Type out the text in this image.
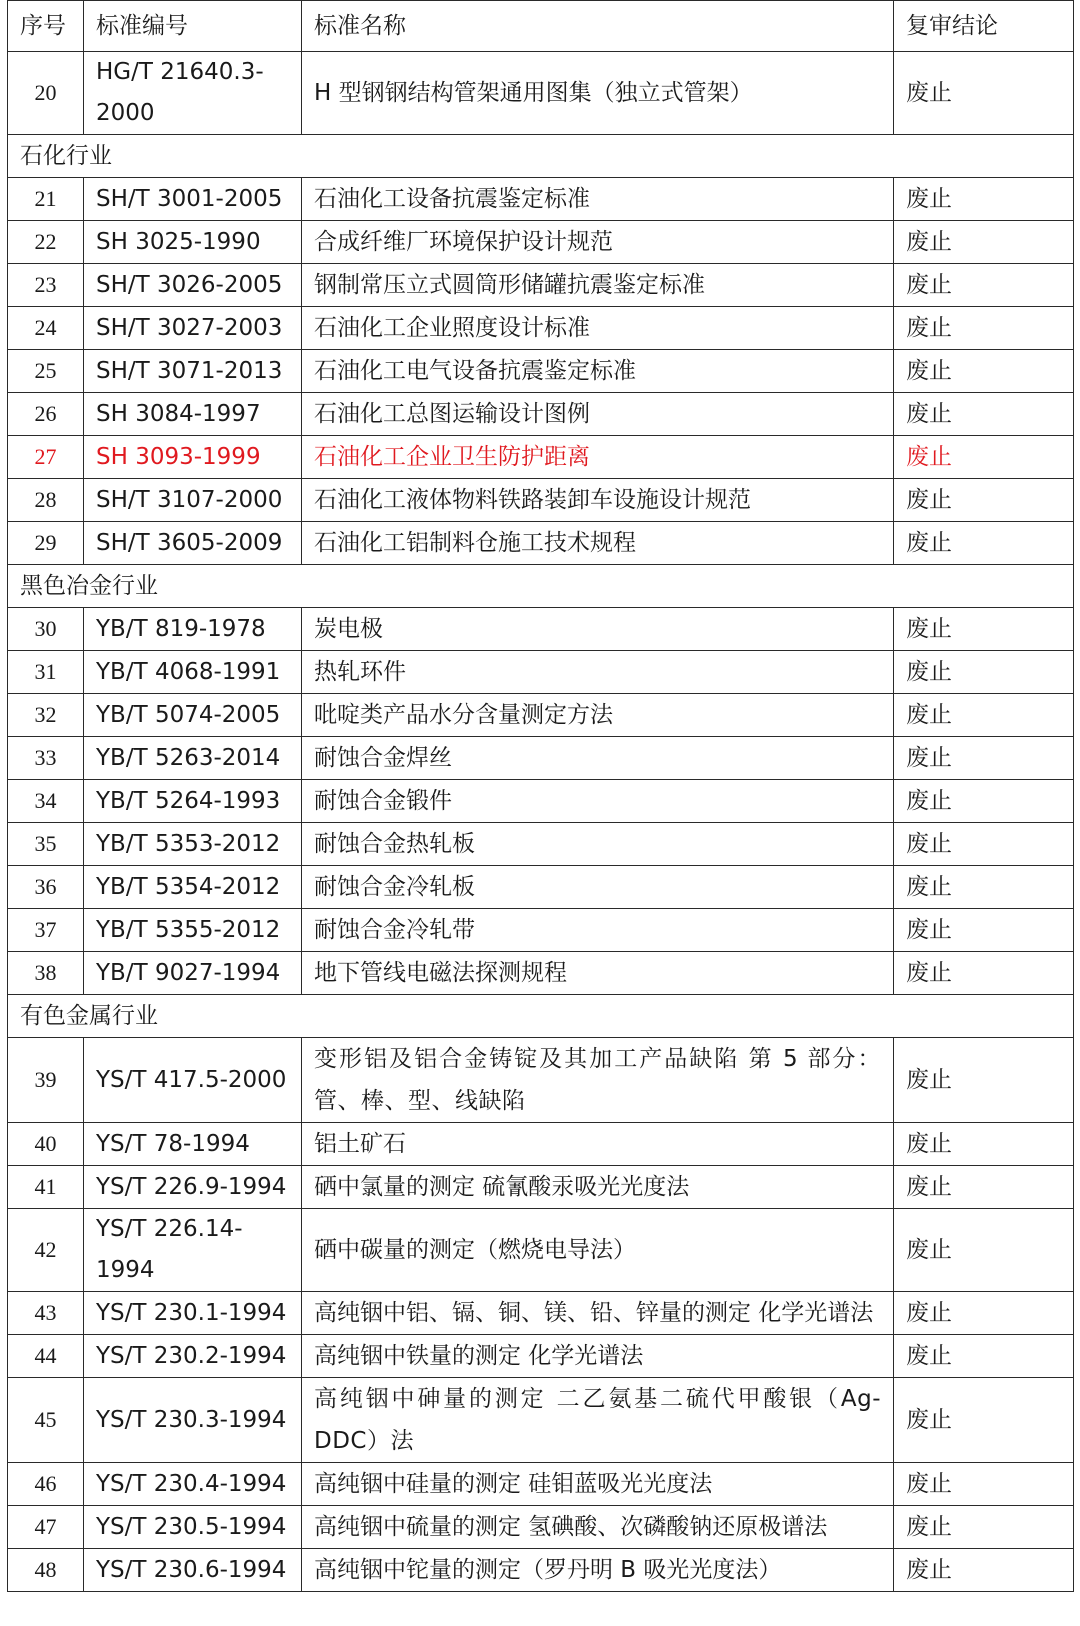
序号	标准编号	标准名称	复审结论
20	HG/T 21640.3-2000	H 型钢钢结构管架通用图集（独立式管架）	废止
石化行业			
21	SH/T 3001-2005	石油化工设备抗震鉴定标准	废止
22	SH 3025-1990	合成纤维厂环境保护设计规范	废止
23	SH/T 3026-2005	钢制常压立式圆筒形储罐抗震鉴定标准	废止
24	SH/T 3027-2003	石油化工企业照度设计标准	废止
25	SH/T 3071-2013	石油化工电气设备抗震鉴定标准	废止
26	SH 3084-1997	石油化工总图运输设计图例	废止
27	SH 3093-1999	石油化工企业卫生防护距离	废止
28	SH/T 3107-2000	石油化工液体物料铁路装卸车设施设计规范	废止
29	SH/T 3605-2009	石油化工铝制料仓施工技术规程	废止
黑色冶金行业			
30	YB/T 819-1978	炭电极	废止
31	YB/T 4068-1991	热轧环件	废止
32	YB/T 5074-2005	吡啶类产品水分含量测定方法	废止
33	YB/T 5263-2014	耐蚀合金焊丝	废止
34	YB/T 5264-1993	耐蚀合金锻件	废止
35	YB/T 5353-2012	耐蚀合金热轧板	废止
36	YB/T 5354-2012	耐蚀合金冷轧板	废止
37	YB/T 5355-2012	耐蚀合金冷轧带	废止
38	YB/T 9027-1994	地下管线电磁法探测规程	废止
有色金属行业			
39	YS/T 417.5-2000	变形铝及铝合金铸锭及其加工产品缺陷 第 5 部分：管、棒、型、线缺陷	废止
40	YS/T 78-1994	铝土矿石	废止
41	YS/T 226.9-1994	硒中氯量的测定 硫氰酸汞吸光光度法	废止
42	YS/T 226.14-1994	硒中碳量的测定（燃烧电导法）	废止
43	YS/T 230.1-1994	高纯铟中铝、镉、铜、镁、铅、锌量的测定 化学光谱法	废止
44	YS/T 230.2-1994	高纯铟中铁量的测定 化学光谱法	废止
45	YS/T 230.3-1994	高纯铟中砷量的测定 二乙氨基二硫代甲酸银（Ag-DDC）法	废止
46	YS/T 230.4-1994	高纯铟中硅量的测定 硅钼蓝吸光光度法	废止
47	YS/T 230.5-1994	高纯铟中硫量的测定 氢碘酸、次磷酸钠还原极谱法	废止
48	YS/T 230.6-1994	高纯铟中铊量的测定（罗丹明 B 吸光光度法）	废止
